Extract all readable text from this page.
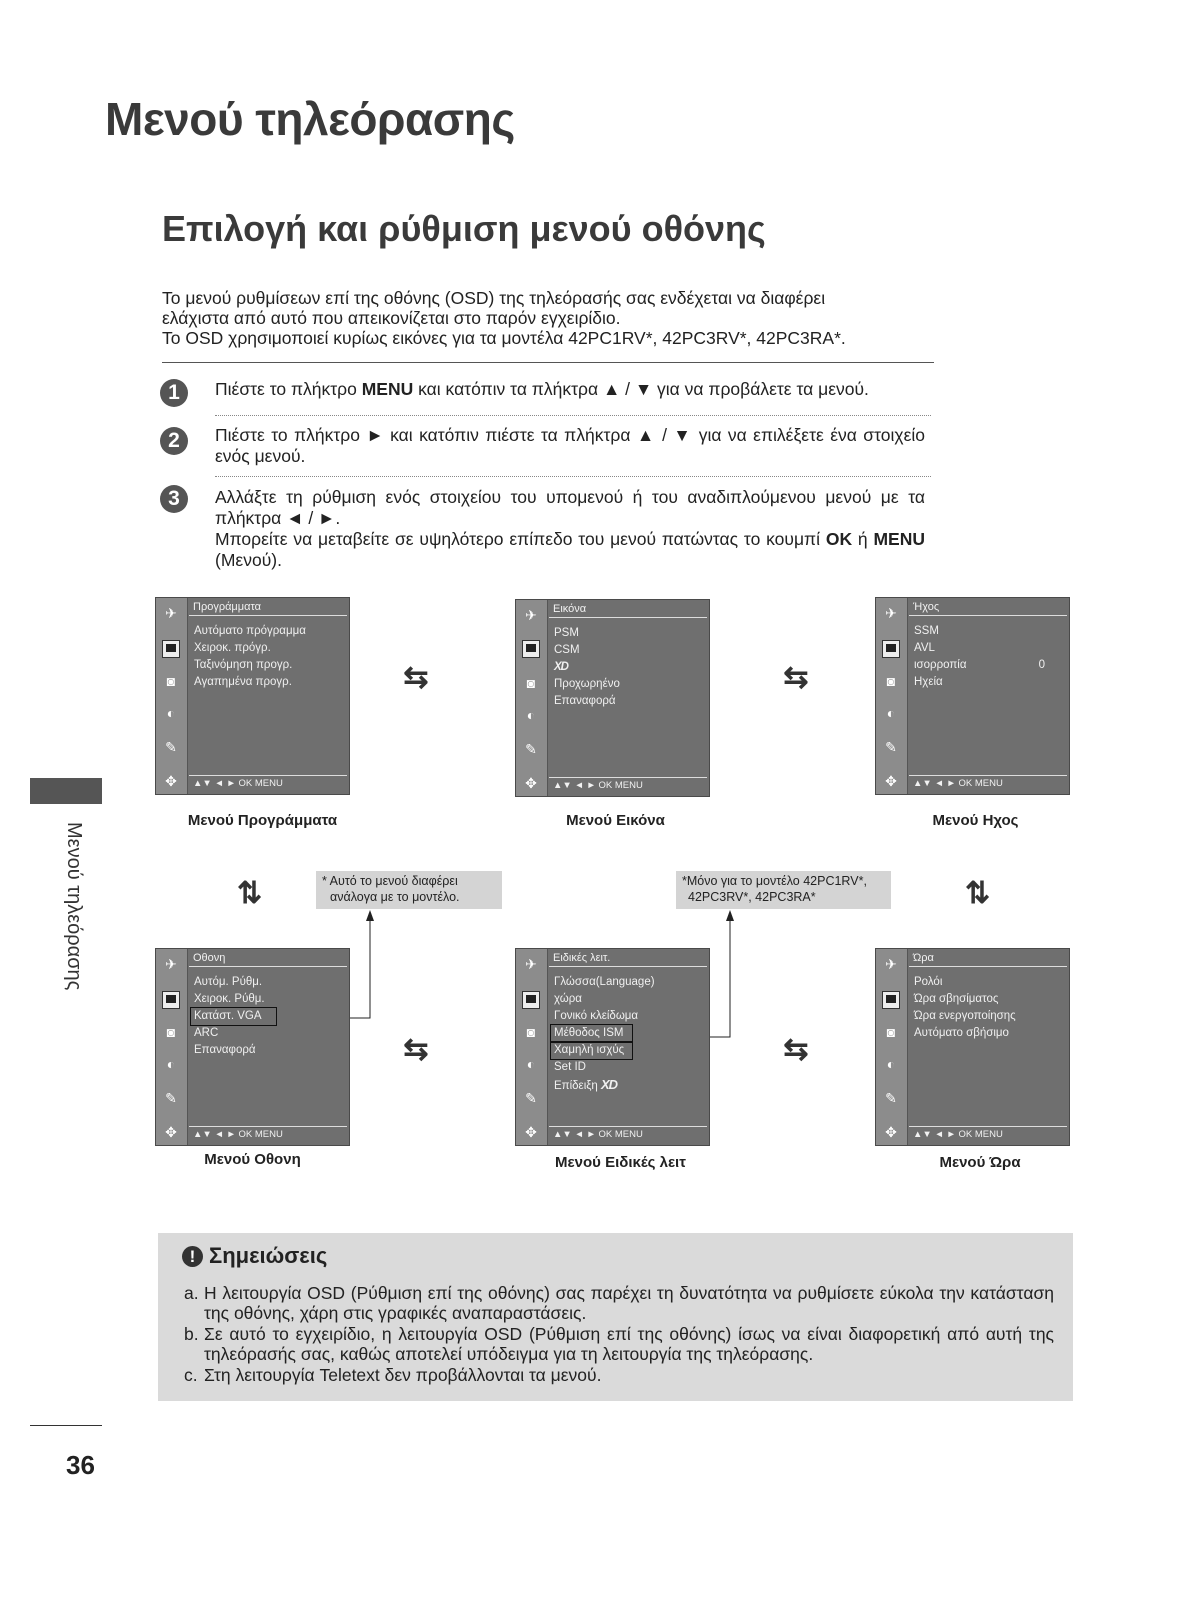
Μενού τηλεόρασης
Επιλογή και ρύθμιση μενού οθόνης
Το μενού ρυθμίσεων επί της οθόνης (OSD) της τηλεόρασής σας ενδέχεται να διαφέρει
ελάχιστα από αυτό που απεικονίζεται στο παρόν εγχειρίδιο.
Το OSD χρησιμοποιεί κυρίως εικόνες για τα μοντέλα 42PC1RV*, 42PC3RV*, 42PC3RA*.
1	Πιέστε το πλήκτρο MENU και κατόπιν τα πλήκτρα ▲ / ▼ για να προβάλετε τα μενού.
2	Πιέστε το πλήκτρο ► και κατόπιν πιέστε τα πλήκτρα ▲ / ▼ για να επιλέξετε ένα στοιχείο ενός μενού.
3	Αλλάξτε τη ρύθμιση ενός στοιχείου του υπομενού ή του αναδιπλούμενου μενού με τα πλήκτρα ◄ / ►.
Μπορείτε να μεταβείτε σε υψηλότερο επίπεδο του μενού πατώντας το κουμπί OK ή MENU (Μενού).
Μενού τηλεόρασης
36
✈
◙
◐
✎
✥
Προγράμματα
Αυτόματο πρόγραμμα
Χειροκ. πρόγρ.
Ταξινόμηση προγρ.
Αγαπημένα προγρ.
▲▼ ◄ ► OK MENU
Μενού Προγράμματα
✈
◙
◐
✎
✥
Εικόνα
PSM
CSM
XD
Προχωρηένο
Επαναφορά
▲▼ ◄ ► OK MENU
Μενού Εικόνα
✈
◙
◐
✎
✥
Ήχος
SSM
AVL
ισορροπία	0
Ηχεία
▲▼ ◄ ► OK MENU
Μενού Ηχος
⇆	⇆
⇅	⇅
* Αυτό το μενού διαφέρει
ανάλογα με το μοντέλο.
*Μόνο για το μοντέλο 42PC1RV*,
42PC3RV*, 42PC3RA*
✈
◙
◐
✎
✥
Οθονη
Αυτόμ. Ρύθμ.
Χειροκ. Ρύθμ.
Κατάστ. VGA
ARC
Επαναφορά
▲▼ ◄ ► OK MENU
Μενού Οθονη
✈
◙
◐
✎
✥
Ειδικές λειτ.
Γλώσσα(Language)
χώρα
Γονικό κλείδωμα
Μέθοδος ISM
Χαμηλή ισχύς
Set ID
Επίδειξη XD
▲▼ ◄ ► OK MENU
Μενού Ειδικές λειτ
✈
◙
◐
✎
✥
Ώρα
Ρολόι
Ώρα σβησίματος
Ώρα ενεργοποίησης
Αυτόματο σβήσιμο
▲▼ ◄ ► OK MENU
Μενού Ώρα
⇆	⇆
! Σημειώσεις
a. Η λειτουργία OSD (Ρύθμιση επί της οθόνης) σας παρέχει τη δυνατότητα να ρυθμίσετε εύκολα την κατάσταση της οθόνης, χάρη στις γραφικές αναπαραστάσεις.
b. Σε αυτό το εγχειρίδιο, η λειτουργία OSD (Ρύθμιση επί της οθόνης) ίσως να είναι διαφορετική από αυτή της τηλεόρασής σας, καθώς αποτελεί υπόδειγμα για τη λειτουργία της τηλεόρασης.
c. Στη λειτουργία Teletext δεν προβάλλονται τα μενού.
